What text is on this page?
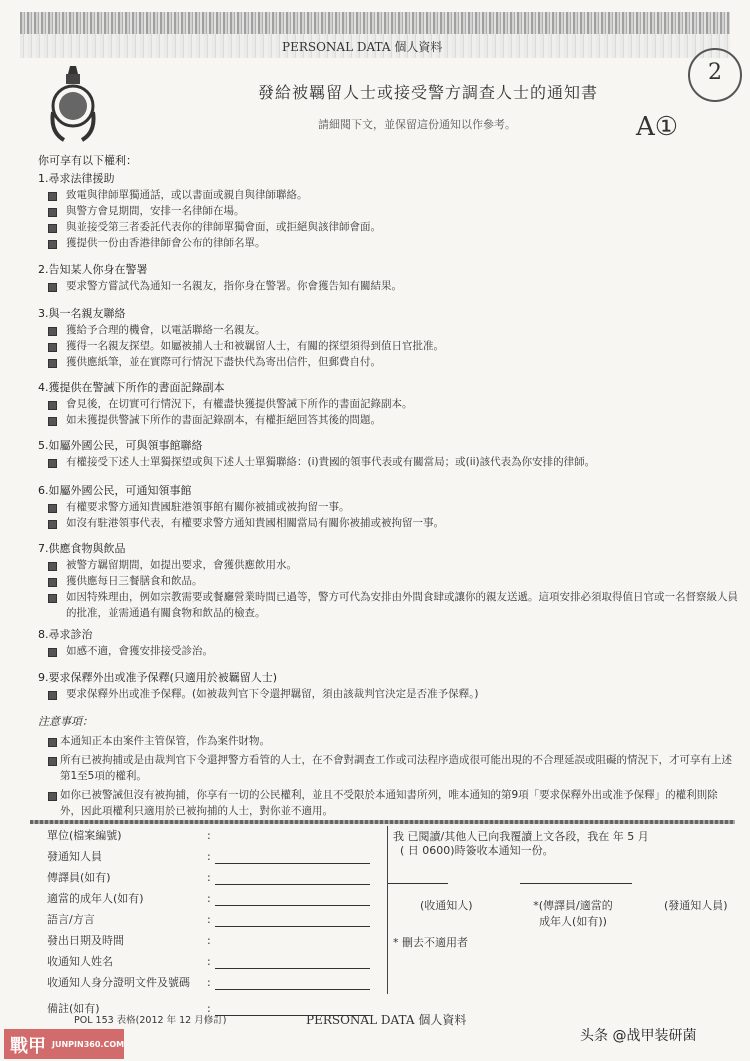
PERSONAL DATA 個人資料
發給被羈留人士或接受警方調查人士的通知書
請細閱下文，並保留這份通知以作參考。
2
A①
你可享有以下權利：
1.尋求法律援助
致電與律師單獨通話，或以書面或親自與律師聯絡。
與警方會見期間，安排一名律師在場。
與並接受第三者委託代表你的律師單獨會面，或拒絕與該律師會面。
獲提供一份由香港律師會公布的律師名單。
2.告知某人你身在警署
要求警方嘗試代為通知一名親友，指你身在警署。你會獲告知有關結果。
3.與一名親友聯絡
獲給予合理的機會，以電話聯絡一名親友。
獲得一名親友探望。如屬被捕人士和被羈留人士，有關的探望須得到值日官批准。
獲供應紙筆，並在實際可行情況下盡快代為寄出信件，但郵費自付。
4.獲提供在警誡下所作的書面記錄副本
會見後，在切實可行情況下，有權盡快獲提供警誡下所作的書面記錄副本。
如未獲提供警誡下所作的書面記錄副本，有權拒絕回答其後的問題。
5.如屬外國公民，可與領事館聯絡
有權接受下述人士單獨探望或與下述人士單獨聯絡：(i)貴國的領事代表或有關當局；或(ii)該代表為你安排的律師。
6.如屬外國公民，可通知領事館
有權要求警方通知貴國駐港領事館有關你被捕或被拘留一事。
如沒有駐港領事代表，有權要求警方通知貴國相關當局有關你被捕或被拘留一事。
7.供應食物與飲品
被警方羈留期間，如提出要求，會獲供應飲用水。
獲供應每日三餐膳食和飲品。
如因特殊理由，例如宗教需要或餐廳營業時間已過等，警方可代為安排由外間食肆或讓你的親友送遞。這項安排必須取得值日官或一名督察級人員的批准，並需通過有關食物和飲品的檢查。
8.尋求診治
如感不適，會獲安排接受診治。
9.要求保釋外出或准予保釋(只適用於被羈留人士)
要求保釋外出或准予保釋。(如被裁判官下令還押羈留，須由該裁判官決定是否准予保釋。)
注意事項：
本通知正本由案件主管保管，作為案件財物。
所有已被拘捕或是由裁判官下令還押警方看管的人士，在不會對調查工作或司法程序造成很可能出現的不合理延誤或阻礙的情況下，才可享有上述第1至5項的權利。
如你已被警誡但沒有被拘捕，你享有一切的公民權利，並且不受限於本通知書所列，唯本通知的第9項「要求保釋外出或准予保釋」的權利則除外，因此項權利只適用於已被拘捕的人士，對你並不適用。
單位(檔案編號)	:
發通知人員	:
傳譯員(如有)	:
適當的成年人(如有)	:
語言/方言	:
發出日期及時間	:
收通知人姓名	:
收通知人身分證明文件及號碼	:
備註(如有)	:
我 已閱讀/其他人已向我覆讀上文各段，我在 年 5 月
( 日 0600)時簽收本通知一份。
(收通知人)	*(傳譯員/適當的成年人(如有))
(發通知人員)
* 刪去不適用者
POL 153 表格(2012 年 12 月修訂)	PERSONAL DATA 個人資料
戰甲 JUNPIN360.COM
头条 @战甲装研菌
